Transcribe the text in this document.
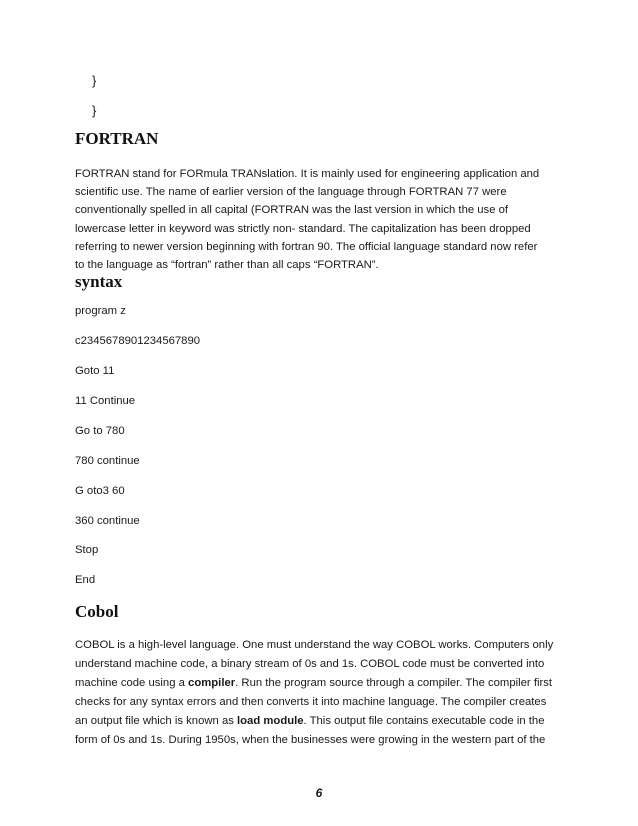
}
}
FORTRAN

FORTRAN stand for FORmula TRANslation. It is mainly used for engineering application and

scientific use. The name of earlier version of the language through FORTRAN 77 were

conventionally spelled in all capital (FORTRAN was the last version in which the use of

lowercase letter in keyword was strictly non- standard. The capitalization has been dropped

referring to newer version beginning with fortran 90. The official language standard now refer

to the language as “fortran” rather than all caps “FORTRAN”.

syntax
program z
c2345678901234567890
Goto 11
11 Continue
Go to 780
780 continue
G oto3 60
360 continue
Stop
End
Cobol
COBOL is a high-level language. One must understand the way COBOL works. Computers only
understand machine code, a binary stream of 0s and 1s. COBOL code must be converted into
machine code using a compiler. Run the program source through a compiler. The compiler first
checks for any syntax errors and then converts it into machine language. The compiler creates
an output file which is known as load module. This output file contains executable code in the
form of 0s and 1s. During 1950s, when the businesses were growing in the western part of the
6
